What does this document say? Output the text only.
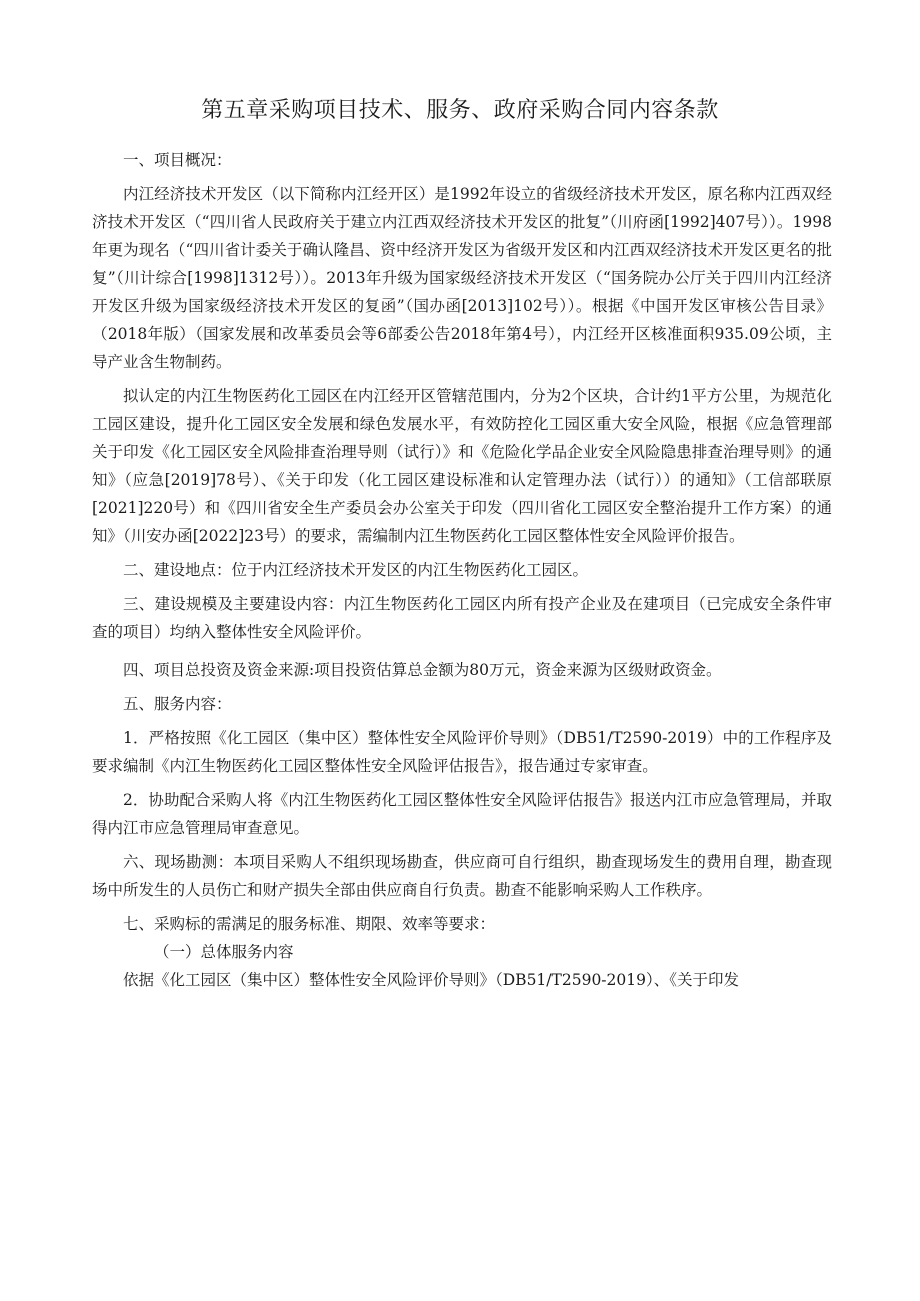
第五章采购项目技术、服务、政府采购合同内容条款

一、项目概况：

内江经济技术开发区（以下简称内江经开区）是1992年设立的省级经济技术开发区，原名称内江西双经济技术开发区（“四川省人民政府关于建立内江西双经济技术开发区的批复”（川府函[1992]407号））。1998年更为现名（“四川省计委关于确认隆昌、资中经济开发区为省级开发区和内江西双经济技术开发区更名的批复”（川计综合[1998]1312号））。2013年升级为国家级经济技术开发区（“国务院办公厅关于四川内江经济开发区升级为国家级经济技术开发区的复函”（国办函[2013]102号））。根据《中国开发区审核公告目录》（2018年版）（国家发展和改革委员会等6部委公告2018年第4号），内江经开区核准面积935.09公顷，主导产业含生物制药。

拟认定的内江生物医药化工园区在内江经开区管辖范围内，分为2个区块，合计约1平方公里，为规范化工园区建设，提升化工园区安全发展和绿色发展水平，有效防控化工园区重大安全风险，根据《应急管理部关于印发《化工园区安全风险排查治理导则（试行）》和《危险化学品企业安全风险隐患排查治理导则》的通知》（应急[2019]78号）、《关于印发（化工园区建设标准和认定管理办法（试行））的通知》（工信部联原[2021]220号）和《四川省安全生产委员会办公室关于印发（四川省化工园区安全整治提升工作方案）的通知》（川安办函[2022]23号）的要求，需编制内江生物医药化工园区整体性安全风险评价报告。

二、建设地点：位于内江经济技术开发区的内江生物医药化工园区。

三、建设规模及主要建设内容：内江生物医药化工园区内所有投产企业及在建项目（已完成安全条件审查的项目）均纳入整体性安全风险评价。

四、项目总投资及资金来源:项目投资估算总金额为80万元，资金来源为区级财政资金。

五、服务内容：

1．严格按照《化工园区（集中区）整体性安全风险评价导则》（DB51/T2590-2019）中的工作程序及要求编制《内江生物医药化工园区整体性安全风险评估报告》，报告通过专家审查。

2．协助配合采购人将《内江生物医药化工园区整体性安全风险评估报告》报送内江市应急管理局，并取得内江市应急管理局审查意见。

六、现场勘测：本项目采购人不组织现场勘查，供应商可自行组织，勘查现场发生的费用自理，勘查现场中所发生的人员伤亡和财产损失全部由供应商自行负责。勘查不能影响采购人工作秩序。

七、采购标的需满足的服务标准、期限、效率等要求：

（一）总体服务内容

依据《化工园区（集中区）整体性安全风险评价导则》（DB51/T2590-2019）、《关于印发
